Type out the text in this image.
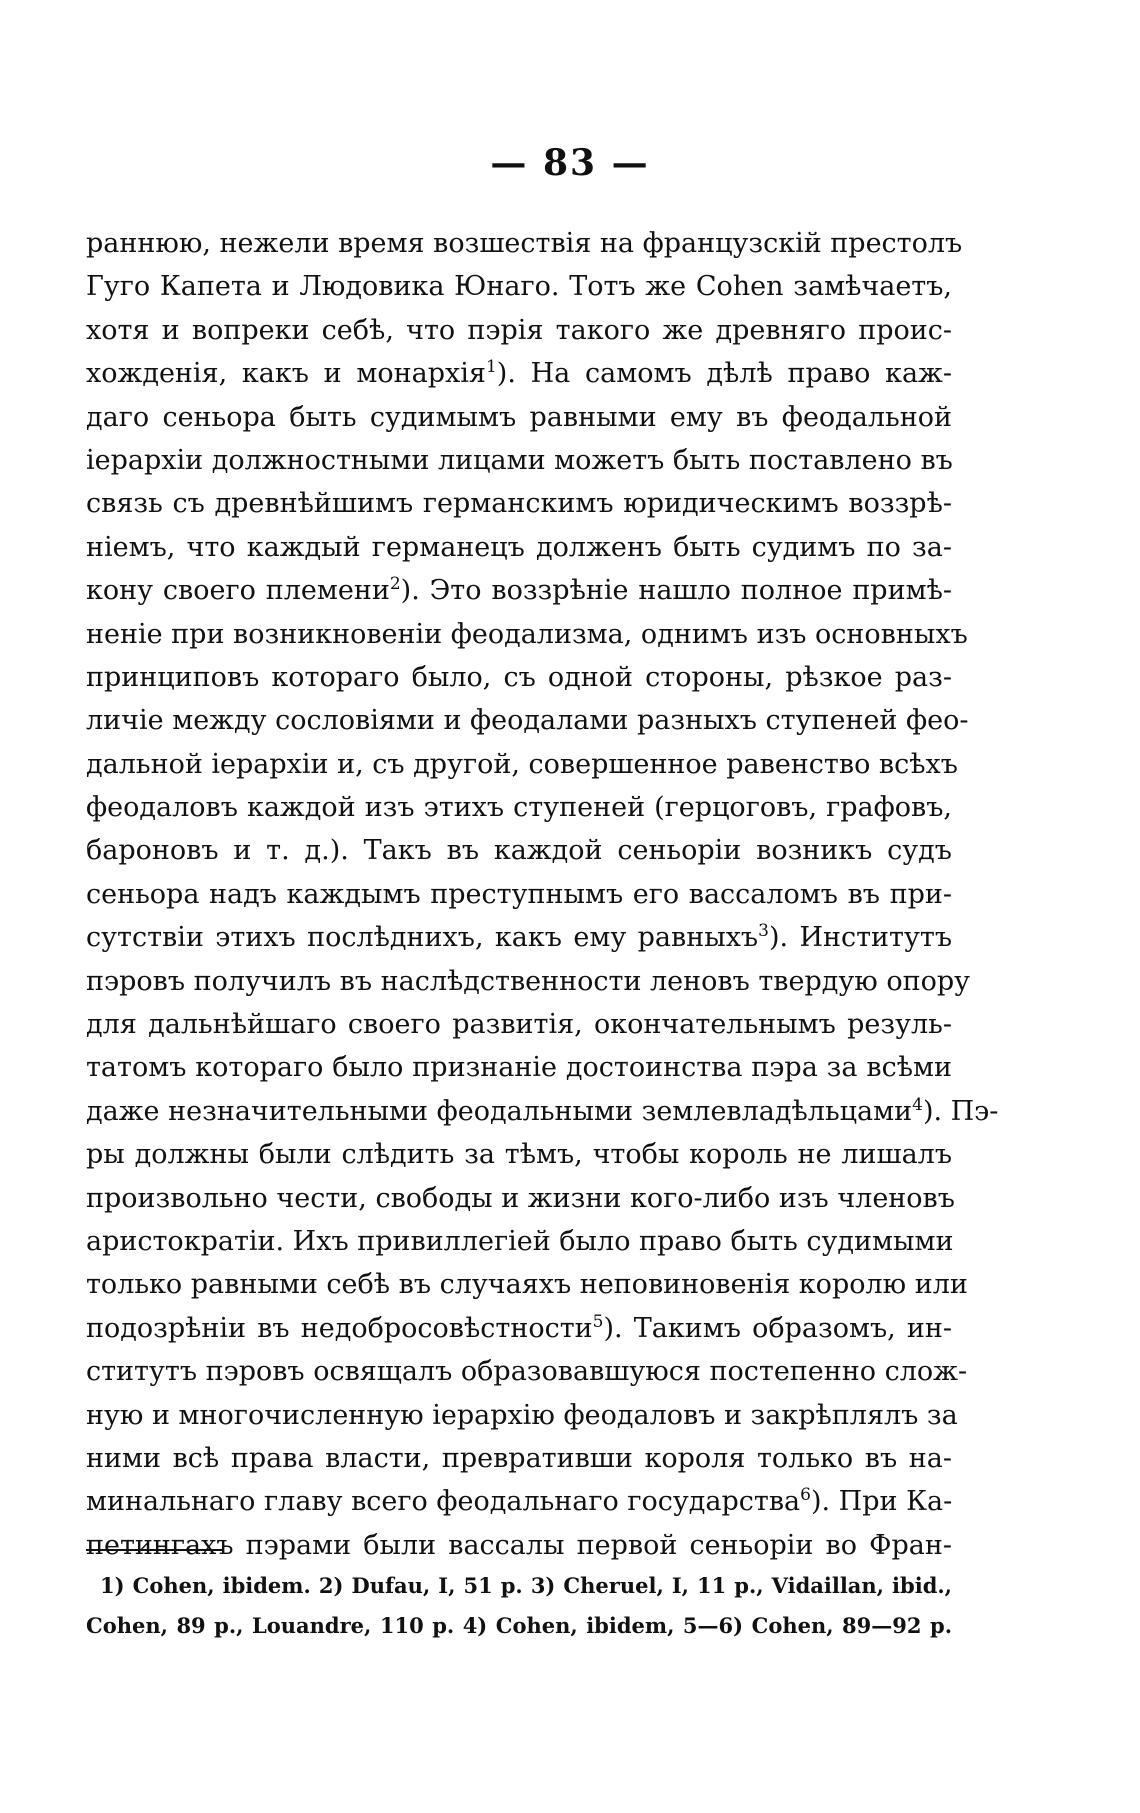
— 83 —
раннюю, нежели время возшествія на французскій престолъ
Гуго Капета и Людовика Юнаго. Тотъ же Cohen замѣчаетъ,
хотя и вопреки себѣ, что пэрія такого же древняго проис-
хожденія, какъ и монархія$^1$). На самомъ дѣлѣ право каж-
даго сеньора быть судимымъ равными ему въ феодальной
іерархіи должностными лицами можетъ быть поставлено въ
связь съ древнѣйшимъ германскимъ юридическимъ воззрѣ-
ніемъ, что каждый германецъ долженъ быть судимъ по за-
кону своего племени$^2$). Это воззрѣніе нашло полное примѣ-
неніе при возникновеніи феодализма, однимъ изъ основныхъ
принциповъ котораго было, съ одной стороны, рѣзкое раз-
личіе между сословіями и феодалами разныхъ ступеней фео-
дальной іерархіи и, съ другой, совершенное равенство всѣхъ
феодаловъ каждой изъ этихъ ступеней (герцоговъ, графовъ,
бароновъ и т. д.). Такъ въ каждой сеньоріи возникъ судъ
сеньора надъ каждымъ преступнымъ его вассаломъ въ при-
сутствіи этихъ послѣднихъ, какъ ему равныхъ$^3$). Институтъ
пэровъ получилъ въ наслѣдственности леновъ твердую опору
для дальнѣйшаго своего развитія, окончательнымъ резуль-
татомъ котораго было признаніе достоинства пэра за всѣми
даже незначительными феодальными землевладѣльцами$^4$). Пэ-
ры должны были слѣдить за тѣмъ, чтобы король не лишалъ
произвольно чести, свободы и жизни кого-либо изъ членовъ
аристократіи. Ихъ привиллегіей было право быть судимыми
только равными себѣ въ случаяхъ неповиновенія королю или
подозрѣніи въ недобросовѣстности$^5$). Такимъ образомъ, ин-
ститутъ пэровъ освящалъ образовавшуюся постепенно слож-
ную и многочисленную іерархію феодаловъ и закрѣплялъ за
ними всѣ права власти, превративши короля только въ на-
минальнаго главу всего феодальнаго государства$^6$). При Ка-
петингахъ пэрами были вассалы первой сеньоріи во Фран-
1) Cohen, ibidem. 2) Dufau, I, 51 p. 3) Cheruel, I, 11 p., Vidaillan, ibid.,
Cohen, 89 p., Louandre, 110 p. 4) Cohen, ibidem, 5—6) Cohen, 89—92 p.
